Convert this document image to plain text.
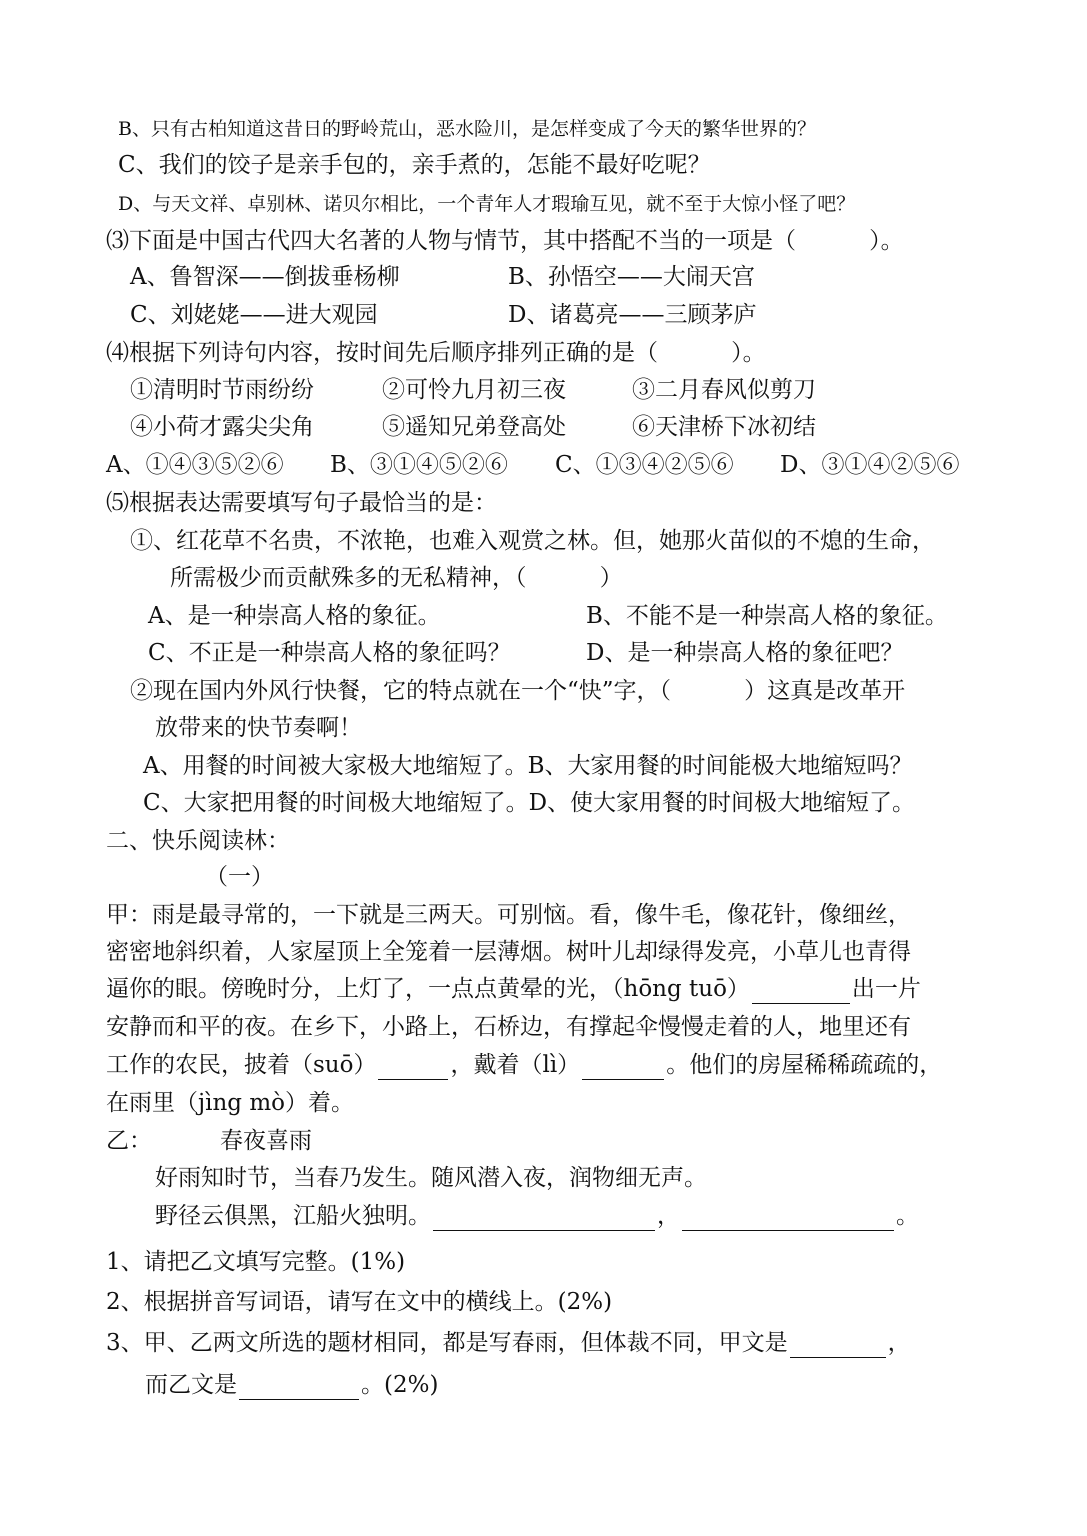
B、只有古柏知道这昔日的野岭荒山，恶水险川，是怎样变成了今天的繁华世界的？
C、我们的饺子是亲手包的，亲手煮的，怎能不最好吃呢？
D、与天文祥、卓别林、诺贝尔相比，一个青年人才瑕瑜互见，就不至于大惊小怪了吧？
⑶下面是中国古代四大名著的人物与情节，其中搭配不当的一项是（          ）。
A、鲁智深——倒拔垂杨柳	B、孙悟空——大闹天宫
C、刘姥姥——进大观园	D、诸葛亮——三顾茅庐
⑷根据下列诗句内容，按时间先后顺序排列正确的是（          ）。
①清明时节雨纷纷	②可怜九月初三夜	③二月春风似剪刀
④小荷才露尖尖角	⑤遥知兄弟登高处	⑥天津桥下冰初结
A、①④③⑤②⑥ B、③①④⑤②⑥ C、①③④②⑤⑥ D、③①④②⑤⑥
⑸根据表达需要填写句子最恰当的是：
①、红花草不名贵，不浓艳，也难入观赏之林。但，她那火苗似的不熄的生命，
所需极少而贡献殊多的无私精神，（          ）
A、是一种崇高人格的象征。	B、不能不是一种崇高人格的象征。
C、不正是一种崇高人格的象征吗？	D、是一种崇高人格的象征吧？
②现在国内外风行快餐，它的特点就在一个“快”字，（          ）这真是改革开
放带来的快节奏啊！
A、用餐的时间被大家极大地缩短了。B、大家用餐的时间能极大地缩短吗？
C、大家把用餐的时间极大地缩短了。D、使大家用餐的时间极大地缩短了。
二、快乐阅读林：
（一）
甲：雨是最寻常的，一下就是三两天。可别恼。看，像牛毛，像花针，像细丝，
密密地斜织着，人家屋顶上全笼着一层薄烟。树叶儿却绿得发亮，小草儿也青得
逼你的眼。傍晚时分，上灯了，一点点黄晕的光，（hōng tuō）	出一片
安静而和平的夜。在乡下，小路上，石桥边，有撑起伞慢慢走着的人，地里还有
工作的农民，披着（suō）	，戴着（lì）	。他们的房屋稀稀疏疏的，
在雨里（jìng mò）着。
乙：	春夜喜雨
好雨知时节，当春乃发生。随风潜入夜，润物细无声。
野径云俱黑，江船火独明。	，	。
1、请把乙文填写完整。(1%)
2、根据拼音写词语，请写在文中的横线上。(2%)
3、甲、乙两文所选的题材相同，都是写春雨，但体裁不同，甲文是	，
而乙文是	。(2%)
